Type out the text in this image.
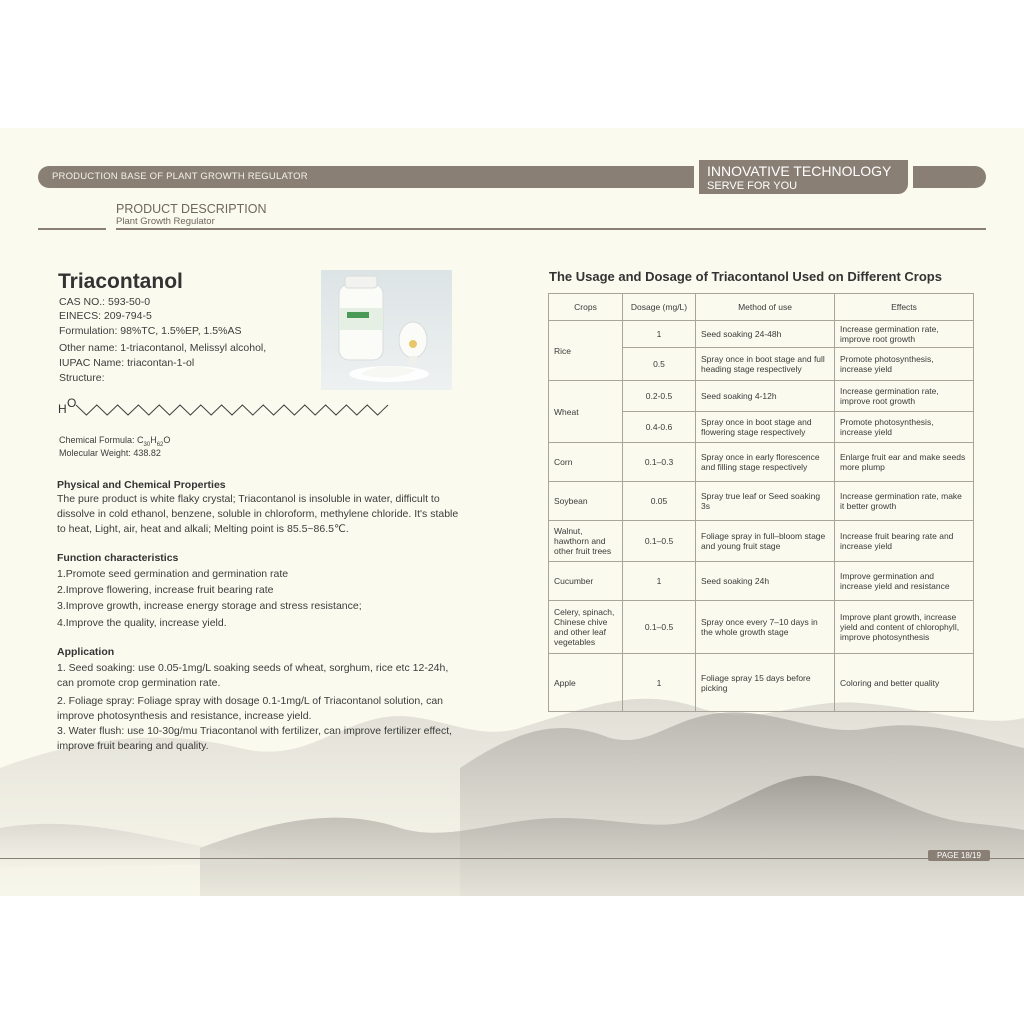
PRODUCTION BASE OF PLANT GROWTH REGULATOR	INNOVATIVE TECHNOLOGY
SERVE FOR YOU
PRODUCT DESCRIPTION
Plant Growth Regulator
Triacontanol
CAS NO.: 593-50-0
EINECS: 209-794-5
Formulation: 98%TC, 1.5%EP, 1.5%AS
Other name: 1-triacontanol, Melissyl alcohol,
IUPAC Name: triacontan-1-ol
Structure:
H O
Chemical Formula: $C_{30}H_{62}O$
Molecular Weight: 438.82
Physical and Chemical Properties
The pure product is white flaky crystal; Triacontanol is insoluble in water, difficult to dissolve in cold ethanol, benzene, soluble in chloroform, methylene chloride. It's stable to heat, Light, air, heat and alkali; Melting point is 85.5~86.5℃.
Function characteristics
1.Promote seed germination and germination rate
2.Improve flowering, increase fruit bearing rate
3.Improve growth, increase energy storage and stress resistance;
4.Improve the quality, increase yield.
Application
1. Seed soaking: use 0.05-1mg/L soaking seeds of wheat, sorghum, rice etc 12-24h, can promote crop germination rate.
2. Foliage spray: Foliage spray with dosage 0.1-1mg/L of Triacontanol solution, can improve photosynthesis and resistance, increase yield.
3. Water flush: use 10-30g/mu Triacontanol with fertilizer, can improve fertilizer effect, improve fruit bearing and quality.
The Usage and Dosage of Triacontanol Used on Different Crops
Crops	Dosage (mg/L)	Method of use	Effects
Rice	1	Seed soaking 24-48h	Increase germination rate, improve root growth
	0.5	Spray once in boot stage and full heading stage respectively	Promote photosynthesis, increase yield
Wheat	0.2-0.5	Seed soaking 4-12h	Increase germination rate, improve root growth
	0.4-0.6	Spray once in boot stage and flowering stage respectively	Promote photosynthesis, increase yield
Corn	0.1–0.3	Spray once in early florescence and filling stage respectively	Enlarge fruit ear and make seeds more plump
Soybean	0.05	Spray true leaf or Seed soaking 3s	Increase germination rate, make it better growth
Walnut, hawthorn and other fruit trees	0.1–0.5	Foliage spray in full–bloom stage and young fruit stage	Increase fruit bearing rate and increase yield
Cucumber	1	Seed soaking 24h	Improve germination and increase yield and resistance
Celery, spinach, Chinese chive and other leaf vegetables	0.1–0.5	Spray once every 7–10 days in the whole growth stage	Improve plant growth, increase yield and content of chlorophyll, improve photosynthesis
Apple	1	Foliage spray 15 days before picking	Coloring and better quality
PAGE 18/19
